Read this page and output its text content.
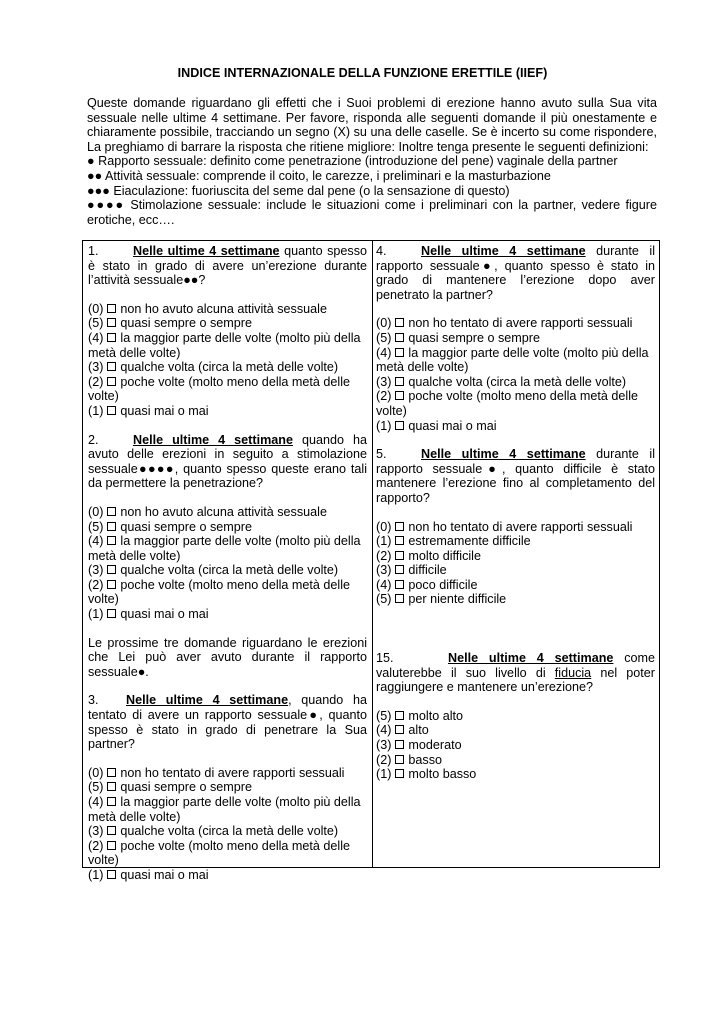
INDICE INTERNAZIONALE DELLA FUNZIONE ERETTILE (IIEF)

Queste domande riguardano gli effetti che i Suoi problemi di erezione hanno avuto sulla Sua vita sessuale nelle ultime 4 settimane. Per favore, risponda alle seguenti domande il più onestamente e chiaramente possibile, tracciando un segno (X) su una delle caselle. Se è incerto su come rispondere, La preghiamo di barrare la risposta che ritiene migliore: Inoltre tenga presente le seguenti definizioni:

● Rapporto sessuale: definito come penetrazione (introduzione del pene) vaginale della partner

●● Attività sessuale: comprende il coito, le carezze, i preliminari e la masturbazione

●●● Eiaculazione: fuoriuscita del seme dal pene (o la sensazione di questo)

●●●● Stimolazione sessuale: include le situazioni come i preliminari con la partner, vedere figure erotiche, ecc….

1.	Nelle ultime 4 settimane quanto spesso è stato in grado di avere un’erezione durante l’attività sessuale●●?

(0) non ho avuto alcuna attività sessuale
(5) quasi sempre o sempre
(4) la maggior parte delle volte (molto più della metà delle volte)
(3) qualche volta (circa la metà delle volte)
(2) poche volte (molto meno della metà delle volte)
(1) quasi mai o mai

2.	Nelle ultime 4 settimane quando ha avuto delle erezioni in seguito a stimolazione sessuale●●●●, quanto spesso queste erano tali da permettere la penetrazione?

(0) non ho avuto alcuna attività sessuale
(5) quasi sempre o sempre
(4) la maggior parte delle volte (molto più della metà delle volte)
(3) qualche volta (circa la metà delle volte)
(2) poche volte (molto meno della metà delle volte)
(1) quasi mai o mai

Le prossime tre domande riguardano le erezioni che Lei può aver avuto durante il rapporto sessuale●.

3. Nelle ultime 4 settimane, quando ha tentato di avere un rapporto sessuale●, quanto spesso è stato in grado di penetrare la Sua partner?

(0) non ho tentato di avere rapporti sessuali
(5) quasi sempre o sempre
(4) la maggior parte delle volte (molto più della metà delle volte)
(3) qualche volta (circa la metà delle volte)
(2) poche volte (molto meno della metà delle volte)
(1) quasi mai o mai

4.	Nelle ultime 4 settimane durante il rapporto sessuale●, quanto spesso è stato in grado di mantenere l’erezione dopo aver penetrato la partner?

(0) non ho tentato di avere rapporti sessuali
(5) quasi sempre o sempre
(4) la maggior parte delle volte (molto più della metà delle volte)
(3) qualche volta (circa la metà delle volte)
(2) poche volte (molto meno della metà delle volte)
(1) quasi mai o mai

5.	Nelle ultime 4 settimane durante il rapporto sessuale●, quanto difficile è stato mantenere l’erezione fino al completamento del rapporto?

(0) non ho tentato di avere rapporti sessuali
(1) estremamente difficile
(2) molto difficile
(3) difficile
(4) poco difficile
(5) per niente difficile

15.	Nelle ultime 4 settimane come valuterebbe il suo livello di fiducia nel poter raggiungere e mantenere un’erezione?

(5) molto alto
(4) alto
(3) moderato
(2) basso
(1) molto basso
